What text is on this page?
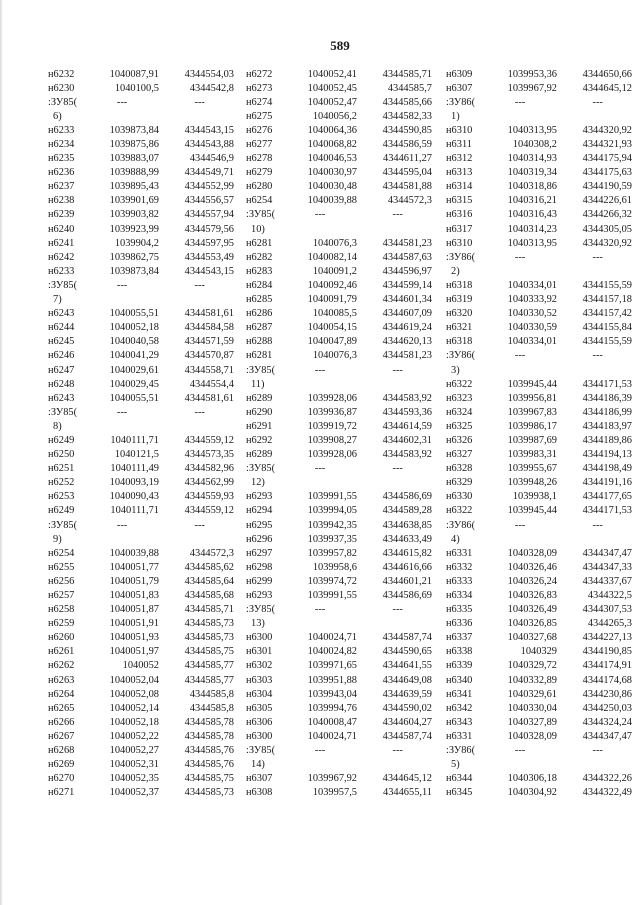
589
н6232	1040087,91	4344554,03
н6230	1040100,5	4344542,8
:ЗУ85(	---	---
6)
н6233	1039873,84	4344543,15
н6234	1039875,86	4344543,88
н6235	1039883,07	4344546,9
н6236	1039888,99	4344549,71
н6237	1039895,43	4344552,99
н6238	1039901,69	4344556,57
н6239	1039903,82	4344557,94
н6240	1039923,99	4344579,56
н6241	1039904,2	4344597,95
н6242	1039862,75	4344553,49
н6233	1039873,84	4344543,15
:ЗУ85(	---	---
7)
н6243	1040055,51	4344581,61
н6244	1040052,18	4344584,58
н6245	1040040,58	4344571,59
н6246	1040041,29	4344570,87
н6247	1040029,61	4344558,71
н6248	1040029,45	4344554,4
н6243	1040055,51	4344581,61
:ЗУ85(	---	---
8)
н6249	1040111,71	4344559,12
н6250	1040121,5	4344573,35
н6251	1040111,49	4344582,96
н6252	1040093,19	4344562,99
н6253	1040090,43	4344559,93
н6249	1040111,71	4344559,12
:ЗУ85(	---	---
9)
н6254	1040039,88	4344572,3
н6255	1040051,77	4344585,62
н6256	1040051,79	4344585,64
н6257	1040051,83	4344585,68
н6258	1040051,87	4344585,71
н6259	1040051,91	4344585,73
н6260	1040051,93	4344585,73
н6261	1040051,97	4344585,75
н6262	1040052	4344585,77
н6263	1040052,04	4344585,77
н6264	1040052,08	4344585,8
н6265	1040052,14	4344585,8
н6266	1040052,18	4344585,78
н6267	1040052,22	4344585,78
н6268	1040052,27	4344585,76
н6269	1040052,31	4344585,76
н6270	1040052,35	4344585,75
н6271	1040052,37	4344585,73
н6272	1040052,41	4344585,71
н6273	1040052,45	4344585,7
н6274	1040052,47	4344585,66
н6275	1040056,2	4344582,33
н6276	1040064,36	4344590,85
н6277	1040068,82	4344586,59
н6278	1040046,53	4344611,27
н6279	1040030,97	4344595,04
н6280	1040030,48	4344581,88
н6254	1040039,88	4344572,3
:ЗУ85(	---	---
10)
н6281	1040076,3	4344581,23
н6282	1040082,14	4344587,63
н6283	1040091,2	4344596,97
н6284	1040092,46	4344599,14
н6285	1040091,79	4344601,34
н6286	1040085,5	4344607,09
н6287	1040054,15	4344619,24
н6288	1040047,89	4344620,13
н6281	1040076,3	4344581,23
:ЗУ85(	---	---
11)
н6289	1039928,06	4344583,92
н6290	1039936,87	4344593,36
н6291	1039919,72	4344614,59
н6292	1039908,27	4344602,31
н6289	1039928,06	4344583,92
:ЗУ85(	---	---
12)
н6293	1039991,55	4344586,69
н6294	1039994,05	4344589,28
н6295	1039942,35	4344638,85
н6296	1039937,35	4344633,49
н6297	1039957,82	4344615,82
н6298	1039958,6	4344616,66
н6299	1039974,72	4344601,21
н6293	1039991,55	4344586,69
:ЗУ85(	---	---
13)
н6300	1040024,71	4344587,74
н6301	1040024,82	4344590,65
н6302	1039971,65	4344641,55
н6303	1039951,88	4344649,08
н6304	1039943,04	4344639,59
н6305	1039994,76	4344590,02
н6306	1040008,47	4344604,27
н6300	1040024,71	4344587,74
:ЗУ85(	---	---
14)
н6307	1039967,92	4344645,12
н6308	1039957,5	4344655,11
н6309	1039953,36	4344650,66
н6307	1039967,92	4344645,12
:ЗУ86(	---	---
1)
н6310	1040313,95	4344320,92
н6311	1040308,2	4344321,93
н6312	1040314,93	4344175,94
н6313	1040319,34	4344175,63
н6314	1040318,86	4344190,59
н6315	1040316,21	4344226,61
н6316	1040316,43	4344266,32
н6317	1040314,23	4344305,05
н6310	1040313,95	4344320,92
:ЗУ86(	---	---
2)
н6318	1040334,01	4344155,59
н6319	1040333,92	4344157,18
н6320	1040330,52	4344157,42
н6321	1040330,59	4344155,84
н6318	1040334,01	4344155,59
:ЗУ86(	---	---
3)
н6322	1039945,44	4344171,53
н6323	1039956,81	4344186,39
н6324	1039967,83	4344186,99
н6325	1039986,17	4344183,97
н6326	1039987,69	4344189,86
н6327	1039983,31	4344194,13
н6328	1039955,67	4344198,49
н6329	1039948,26	4344191,16
н6330	1039938,1	4344177,65
н6322	1039945,44	4344171,53
:ЗУ86(	---	---
4)
н6331	1040328,09	4344347,47
н6332	1040326,46	4344347,33
н6333	1040326,24	4344337,67
н6334	1040326,83	4344322,5
н6335	1040326,49	4344307,53
н6336	1040326,85	4344265,3
н6337	1040327,68	4344227,13
н6338	1040329	4344190,85
н6339	1040329,72	4344174,91
н6340	1040332,89	4344174,68
н6341	1040329,61	4344230,86
н6342	1040330,04	4344250,03
н6343	1040327,89	4344324,24
н6331	1040328,09	4344347,47
:ЗУ86(	---	---
5)
н6344	1040306,18	4344322,26
н6345	1040304,92	4344322,49
